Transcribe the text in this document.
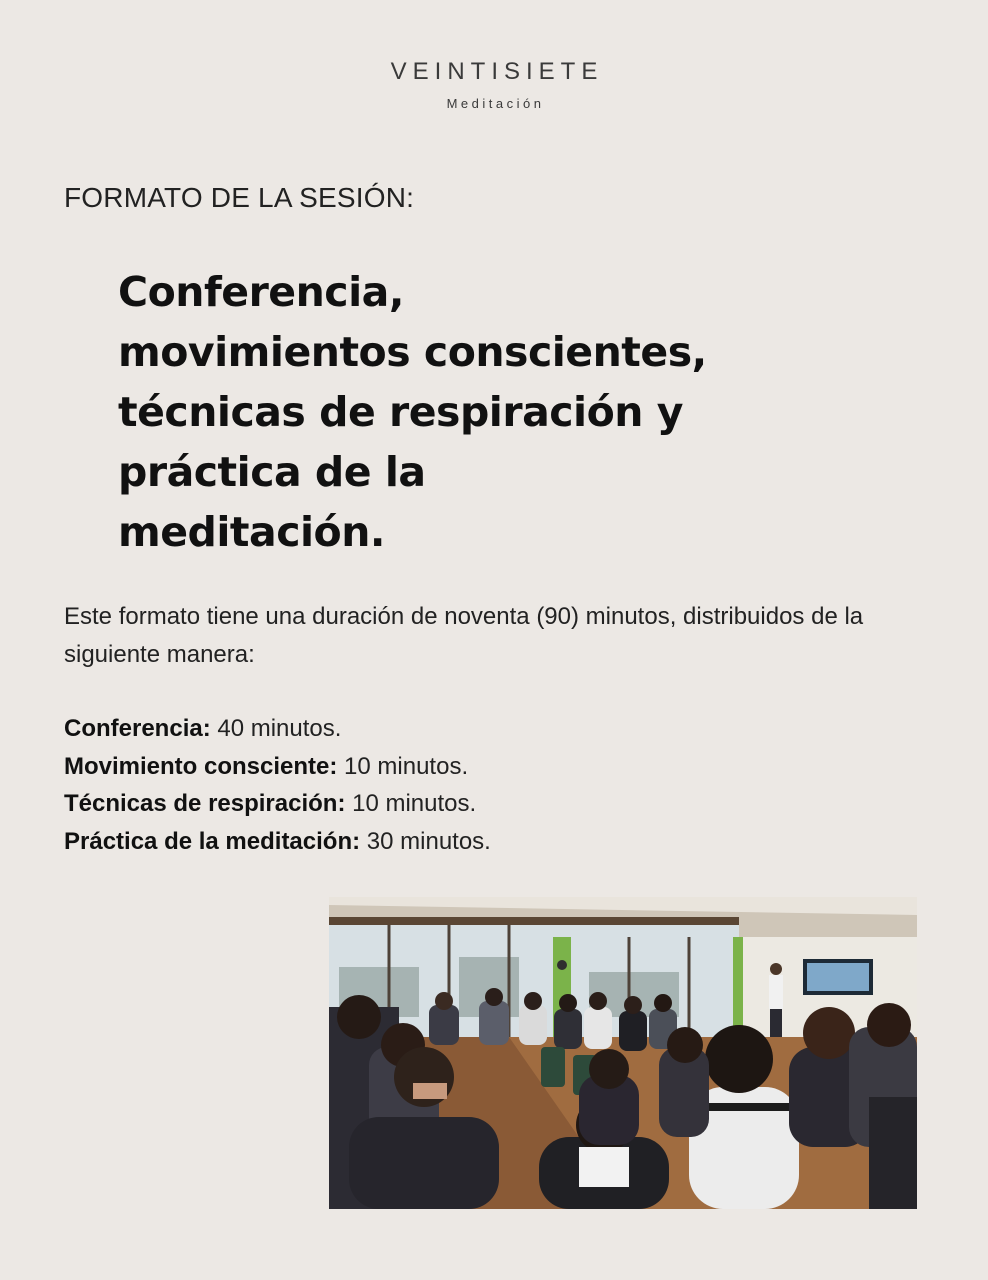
VEINTISIETE
Meditación
FORMATO DE LA SESIÓN:
Conferencia,
movimientos conscientes,
técnicas de respiración y
práctica de la
meditación.
Este formato tiene una duración de noventa (90) minutos, distribuidos de la siguiente manera:
Conferencia: 40 minutos.
Movimiento consciente: 10 minutos.
Técnicas de respiración: 10 minutos.
Práctica de la meditación: 30 minutos.
